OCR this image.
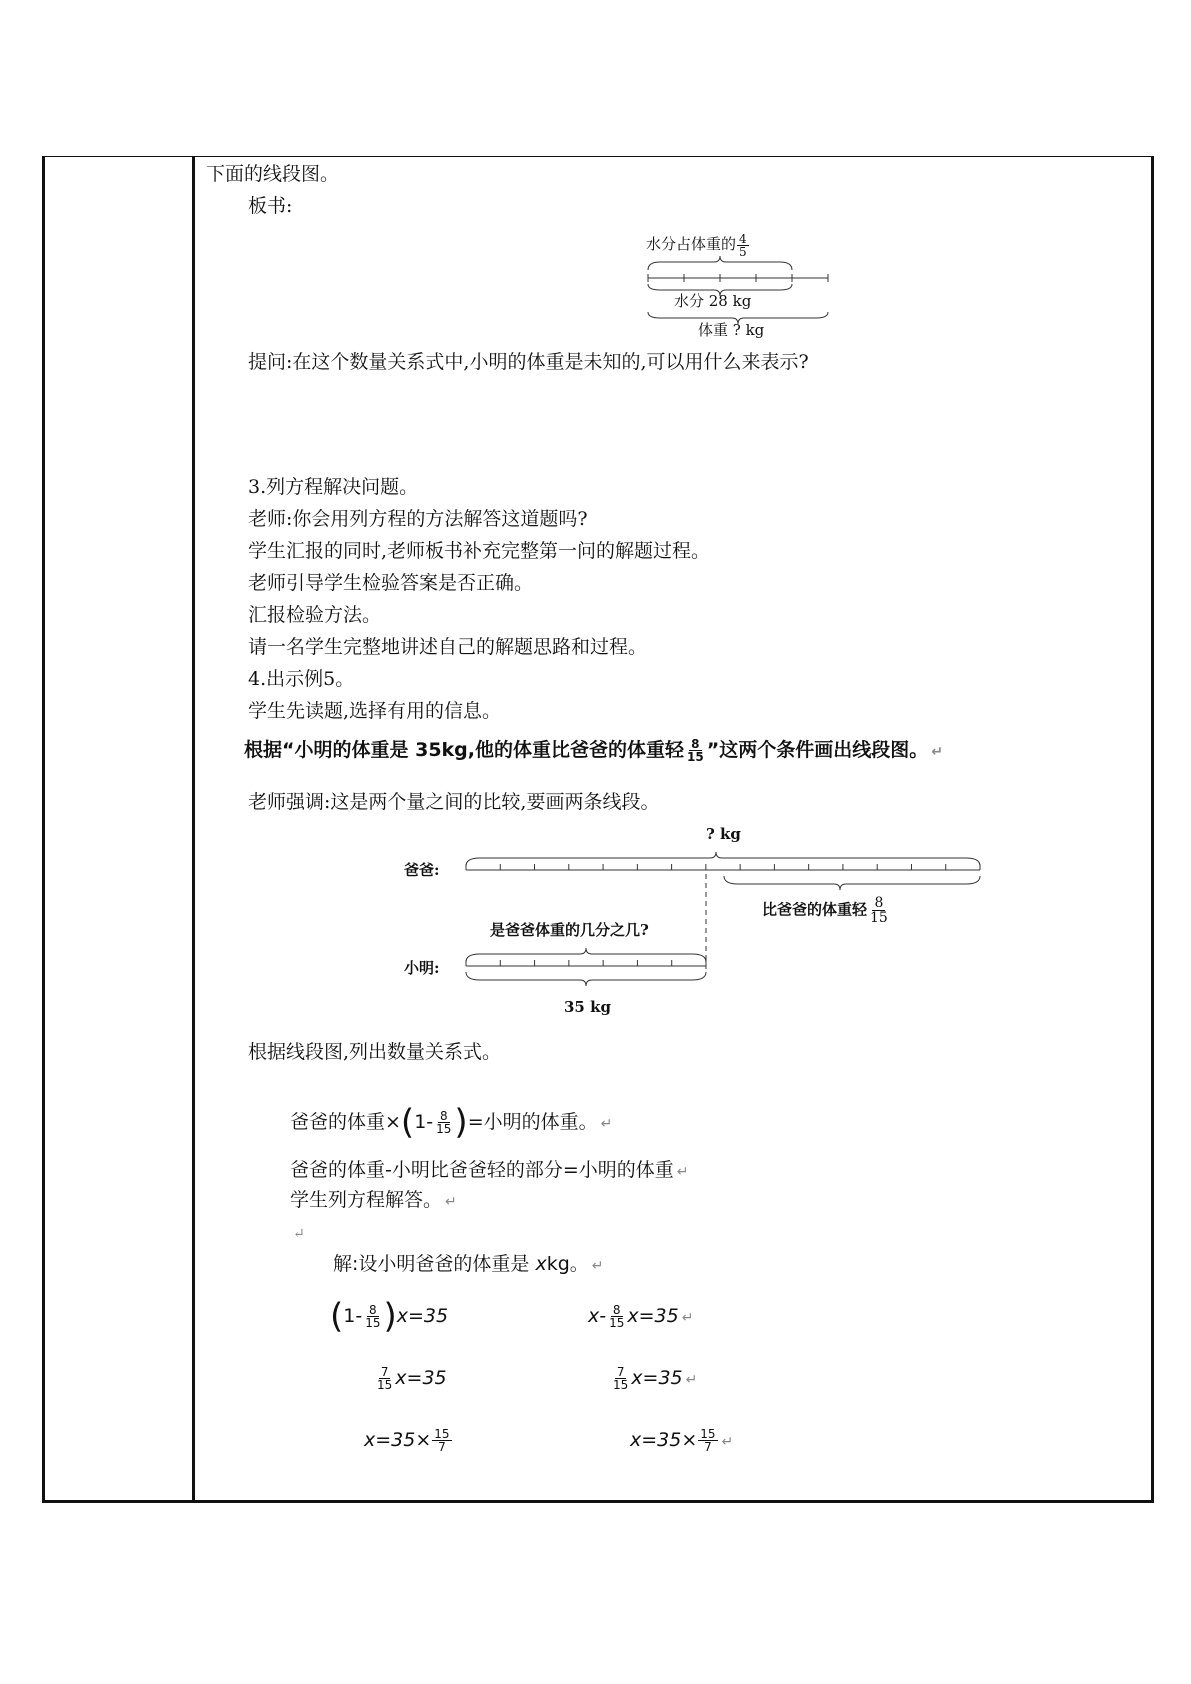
下面的线段图。
板书:
水分占体重的 $\frac{4}{5}$
水分 28 kg
体重 ? kg
提问:在这个数量关系式中,小明的体重是未知的,可以用什么来表示?
3.列方程解决问题。
老师:你会用列方程的方法解答这道题吗?
学生汇报的同时,老师板书补充完整第一问的解题过程。
老师引导学生检验答案是否正确。
汇报检验方法。
请一名学生完整地讲述自己的解题思路和过程。
4.出示例5。
学生先读题,选择有用的信息。
根据“小明的体重是 35kg,他的体重比爸爸的体重轻 $\frac{8}{15}$ ”这两个条件画出线段图。 ↵
老师强调:这是两个量之间的比较,要画两条线段。
? kg
爸爸:
比爸爸的体重轻 $\frac{8}{15}$
是爸爸体重的几分之几?
小明:
35 kg
根据线段图,列出数量关系式。
爸爸的体重$\times(1- \frac{8}{15}$ )=小明的体重。 ↵
爸爸的体重-小明比爸爸轻的部分=小明的体重 ↵
学生列方程解答。 ↵
↵
解:设小明爸爸的体重是 xkg。 ↵
$(1- \frac{8}{15} )x=35$
$\frac{7}{15} x=35$
$x=35\times \frac{15}{7}$
$x- \frac{8}{15} x=35$ ↵
$\frac{7}{15} x=35$ ↵
$x=35\times \frac{15}{7}$ ↵
